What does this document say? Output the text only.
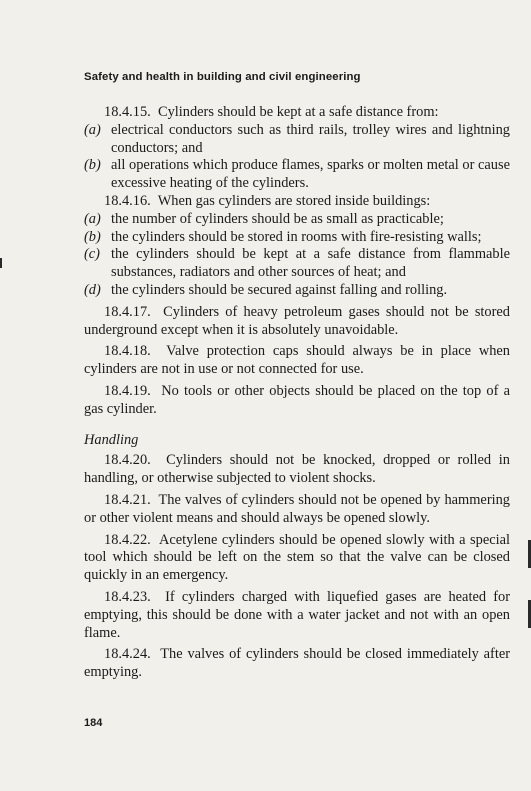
Safety and health in building and civil engineering

18.4.15. Cylinders should be kept at a safe distance from:

(a) electrical conductors such as third rails, trolley wires and lightning conductors; and
(b) all operations which produce flames, sparks or molten metal or cause excessive heating of the cylinders.

18.4.16. When gas cylinders are stored inside buildings:

(a) the number of cylinders should be as small as practicable;
(b) the cylinders should be stored in rooms with fire-resisting walls;
(c) the cylinders should be kept at a safe distance from flammable substances, radiators and other sources of heat; and
(d) the cylinders should be secured against falling and rolling.

18.4.17. Cylinders of heavy petroleum gases should not be stored underground except when it is absolutely unavoidable.

18.4.18. Valve protection caps should always be in place when cylinders are not in use or not connected for use.

18.4.19. No tools or other objects should be placed on the top of a gas cylinder.

Handling

18.4.20. Cylinders should not be knocked, dropped or rolled in handling, or otherwise subjected to violent shocks.

18.4.21. The valves of cylinders should not be opened by hammering or other violent means and should always be opened slowly.

18.4.22. Acetylene cylinders should be opened slowly with a special tool which should be left on the stem so that the valve can be closed quickly in an emergency.

18.4.23. If cylinders charged with liquefied gases are heated for emptying, this should be done with a water jacket and not with an open flame.

18.4.24. The valves of cylinders should be closed immediately after emptying.

184
